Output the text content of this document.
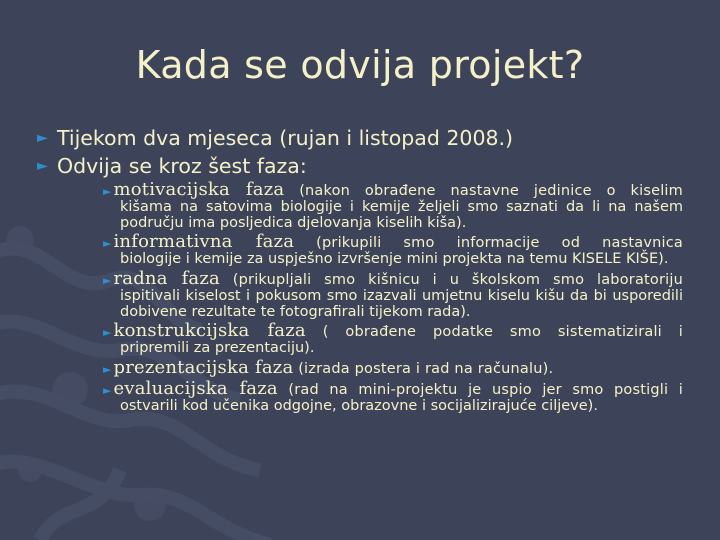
Kada se odvija projekt?
► Tijekom dva mjeseca (rujan i listopad 2008.)
► Odvija se kroz šest faza:
► motivacijska faza (nakon obrađene nastavne jedinice o kiselim
kišama na satovima biologije i kemije željeli smo saznati da li na našem području ima posljedica djelovanja kiselih kiša).
► informativna faza (prikupili smo informacije od nastavnica
biologije i kemije za uspješno izvršenje mini projekta na temu KISELE KIŠE).
► radna faza (prikupljali smo kišnicu i u školskom smo laboratoriju
ispitivali kiselost i pokusom smo izazvali umjetnu kiselu kišu da bi usporedili dobivene rezultate te fotografirali tijekom rada).
► konstrukcijska faza ( obrađene podatke smo sistematizirali i
pripremili za prezentaciju).
► prezentacijska faza (izrada postera i rad na računalu).
► evaluacijska faza (rad na mini-projektu je uspio jer smo postigli i
ostvarili kod učenika odgojne, obrazovne i socijalizirajuće ciljeve).
